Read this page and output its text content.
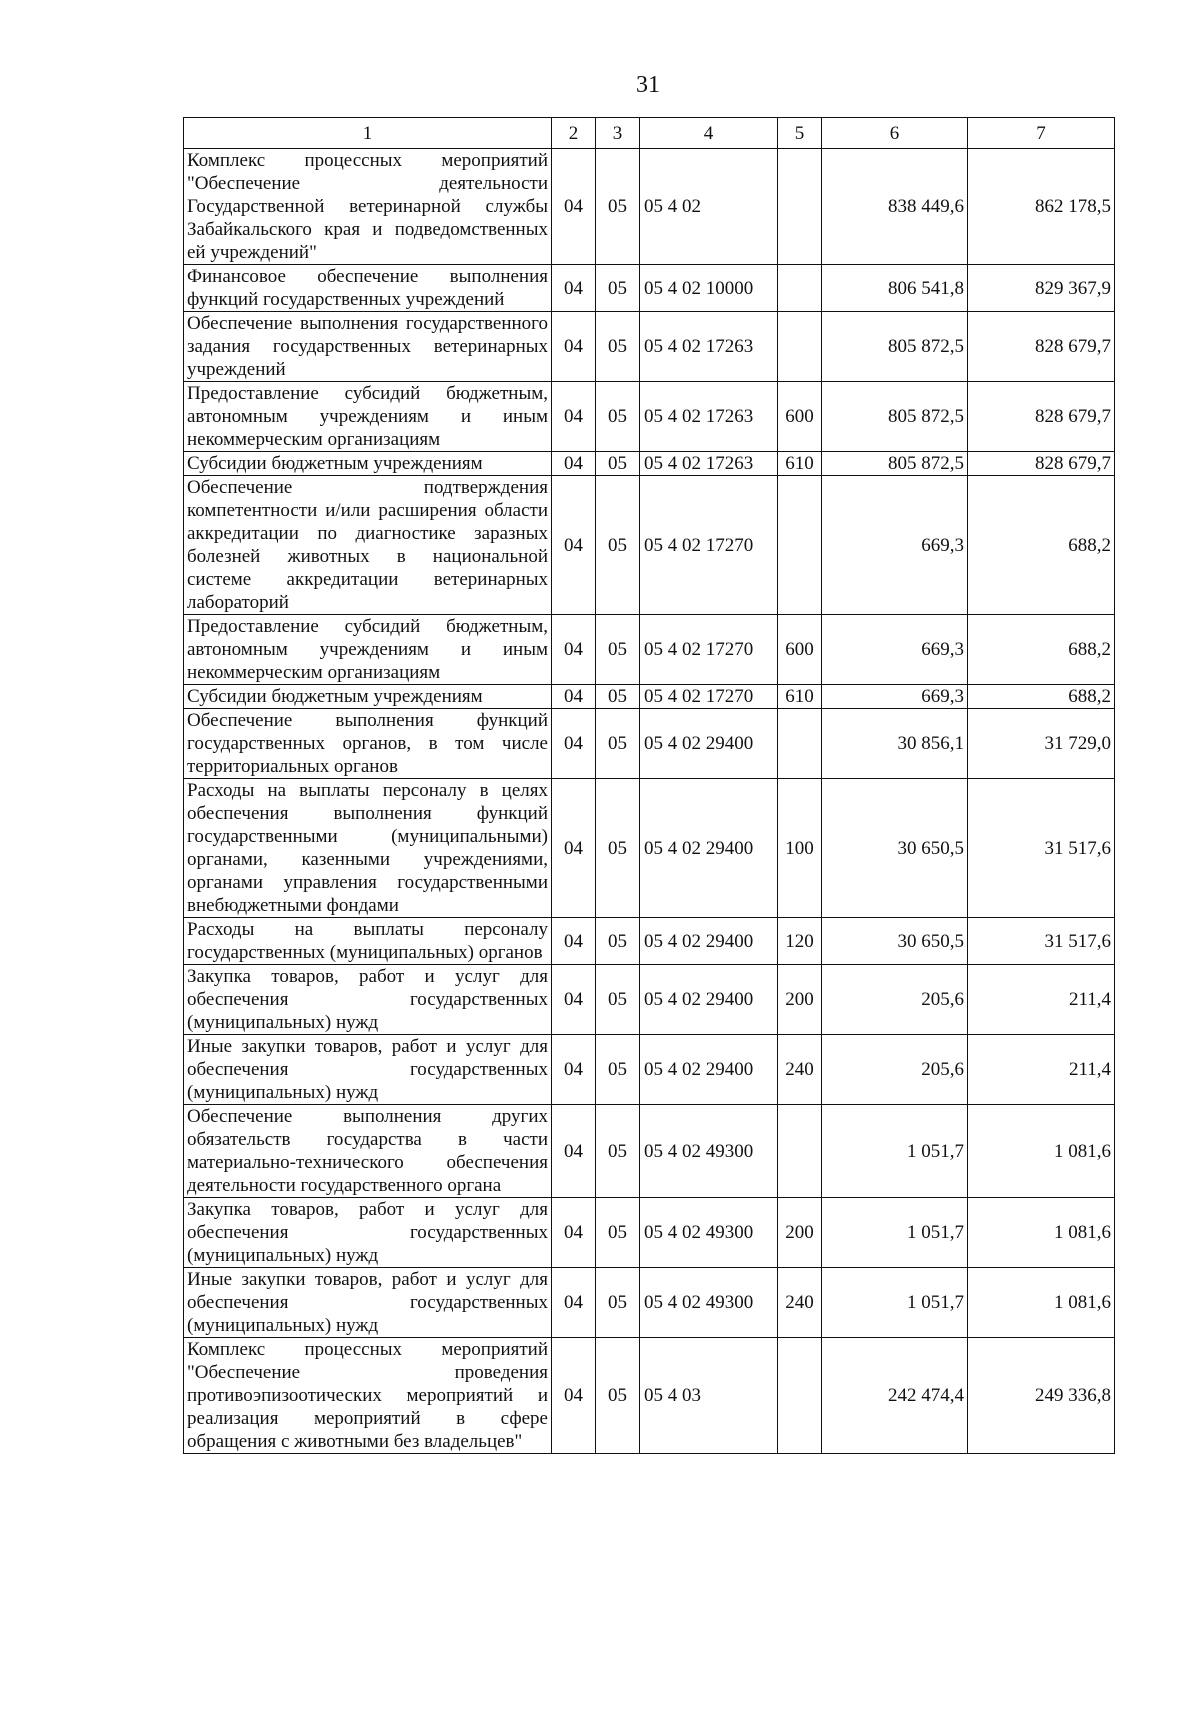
31
1	2	3	4	5	6	7
Комплекс процессных мероприятий "Обеспечение деятельности Государственной ветеринарной службы Забайкальского края и подведомственных ей учреждений"	04	05	05 4 02		838 449,6	862 178,5
Финансовое обеспечение выполнения функций государственных учреждений	04	05	05 4 02 10000		806 541,8	829 367,9
Обеспечение выполнения государственного задания государственных ветеринарных учреждений	04	05	05 4 02 17263		805 872,5	828 679,7
Предоставление субсидий бюджетным, автономным учреждениям и иным некоммерческим организациям	04	05	05 4 02 17263	600	805 872,5	828 679,7
Субсидии бюджетным учреждениям	04	05	05 4 02 17263	610	805 872,5	828 679,7
Обеспечение подтверждения компетентности и/или расширения области аккредитации по диагностике заразных болезней животных в национальной системе аккредитации ветеринарных лабораторий	04	05	05 4 02 17270		669,3	688,2
Предоставление субсидий бюджетным, автономным учреждениям и иным некоммерческим организациям	04	05	05 4 02 17270	600	669,3	688,2
Субсидии бюджетным учреждениям	04	05	05 4 02 17270	610	669,3	688,2
Обеспечение выполнения функций государственных органов, в том числе территориальных органов	04	05	05 4 02 29400		30 856,1	31 729,0
Расходы на выплаты персоналу в целях обеспечения выполнения функций государственными (муниципальными) органами, казенными учреждениями, органами управления государственными внебюджетными фондами	04	05	05 4 02 29400	100	30 650,5	31 517,6
Расходы на выплаты персоналу государственных (муниципальных) органов	04	05	05 4 02 29400	120	30 650,5	31 517,6
Закупка товаров, работ и услуг для обеспечения государственных (муниципальных) нужд	04	05	05 4 02 29400	200	205,6	211,4
Иные закупки товаров, работ и услуг для обеспечения государственных (муниципальных) нужд	04	05	05 4 02 29400	240	205,6	211,4
Обеспечение выполнения других обязательств государства в части материально-технического обеспечения деятельности государственного органа	04	05	05 4 02 49300		1 051,7	1 081,6
Закупка товаров, работ и услуг для обеспечения государственных (муниципальных) нужд	04	05	05 4 02 49300	200	1 051,7	1 081,6
Иные закупки товаров, работ и услуг для обеспечения государственных (муниципальных) нужд	04	05	05 4 02 49300	240	1 051,7	1 081,6
Комплекс процессных мероприятий "Обеспечение проведения противоэпизоотических мероприятий и реализация мероприятий в сфере обращения с животными без владельцев"	04	05	05 4 03		242 474,4	249 336,8
